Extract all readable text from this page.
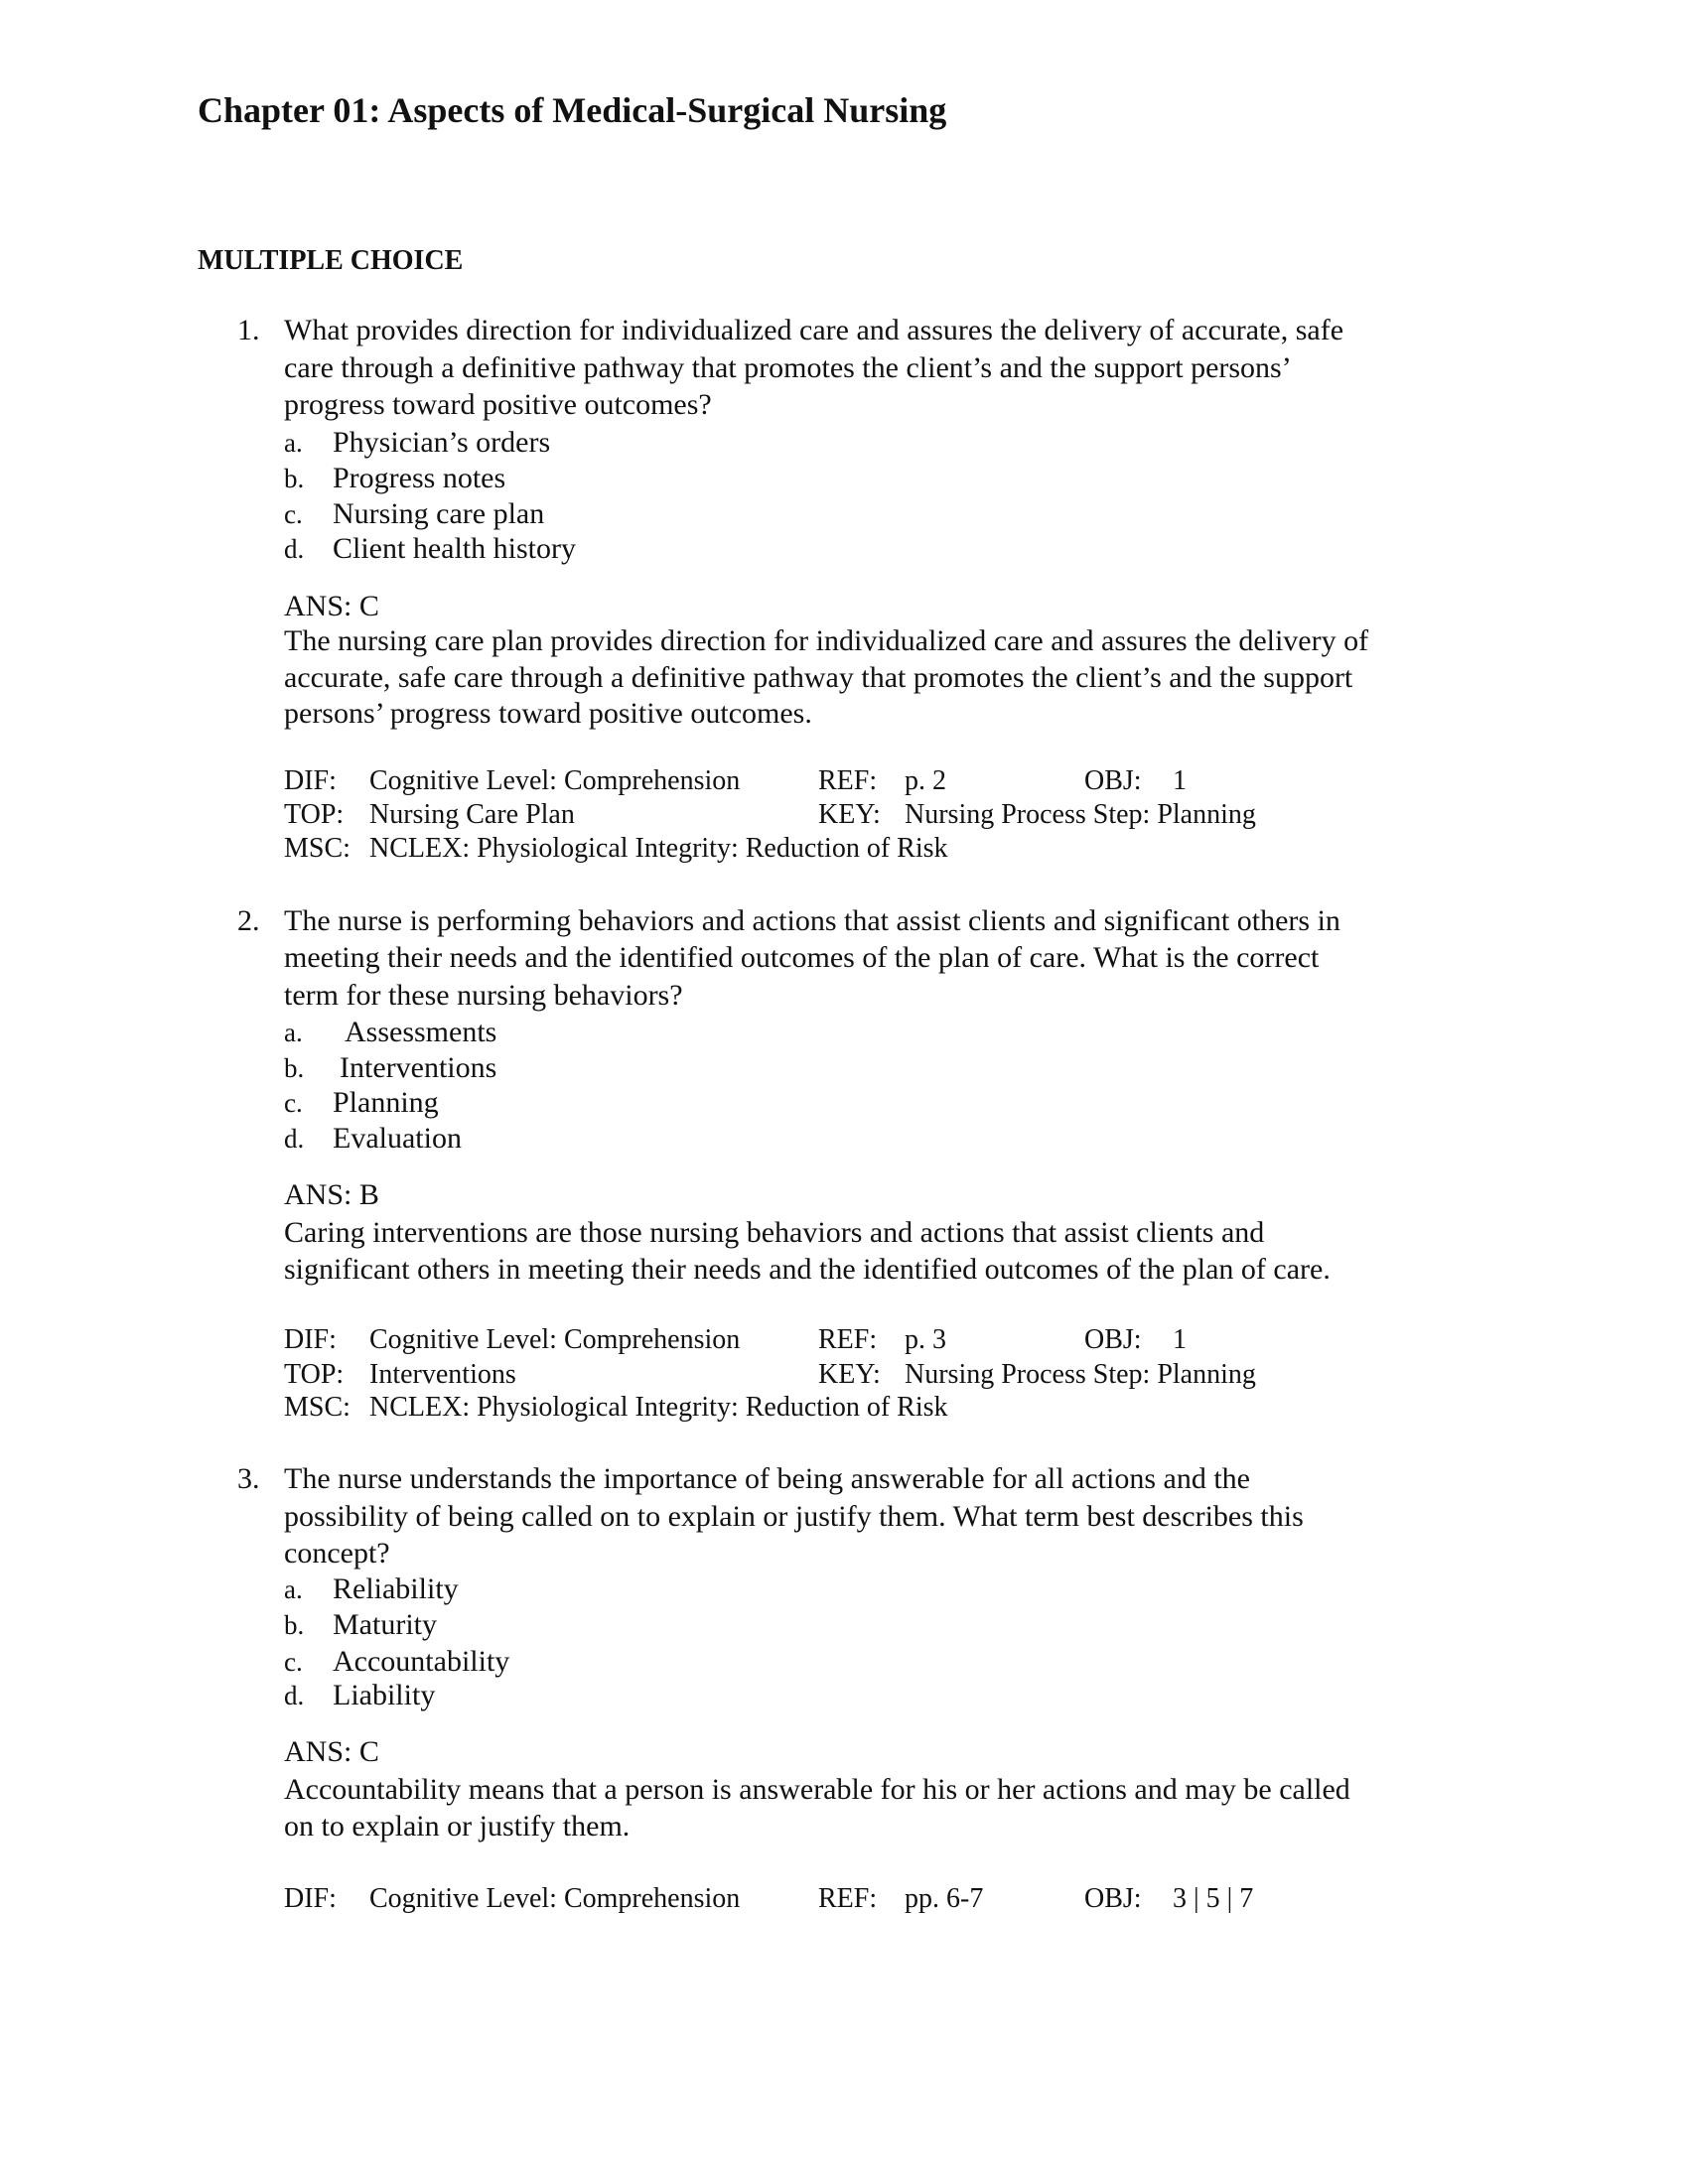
Chapter 01: Aspects of Medical-Surgical Nursing
MULTIPLE CHOICE
1. What provides direction for individualized care and assures the delivery of accurate, safe
care through a definitive pathway that promotes the client’s and the support persons’
progress toward positive outcomes?
a. Physician’s orders
b. Progress notes
c. Nursing care plan
d. Client health history
ANS: C
The nursing care plan provides direction for individualized care and assures the delivery of
accurate, safe care through a definitive pathway that promotes the client’s and the support
persons’ progress toward positive outcomes.
DIF: Cognitive Level: Comprehension	REF: p. 2	OBJ: 1
TOP: Nursing Care Plan	KEY: Nursing Process Step: Planning
MSC: NCLEX: Physiological Integrity: Reduction of Risk
2. The nurse is performing behaviors and actions that assist clients and significant others in
meeting their needs and the identified outcomes of the plan of care. What is the correct
term for these nursing behaviors?
a. Assessments
b. Interventions
c. Planning
d. Evaluation
ANS: B
Caring interventions are those nursing behaviors and actions that assist clients and
significant others in meeting their needs and the identified outcomes of the plan of care.
DIF: Cognitive Level: Comprehension	REF: p. 3	OBJ: 1
TOP: Interventions	KEY: Nursing Process Step: Planning
MSC: NCLEX: Physiological Integrity: Reduction of Risk
3. The nurse understands the importance of being answerable for all actions and the
possibility of being called on to explain or justify them. What term best describes this
concept?
a. Reliability
b. Maturity
c. Accountability
d. Liability
ANS: C
Accountability means that a person is answerable for his or her actions and may be called
on to explain or justify them.
DIF: Cognitive Level: Comprehension	REF: pp. 6-7	OBJ: 3 | 5 | 7
